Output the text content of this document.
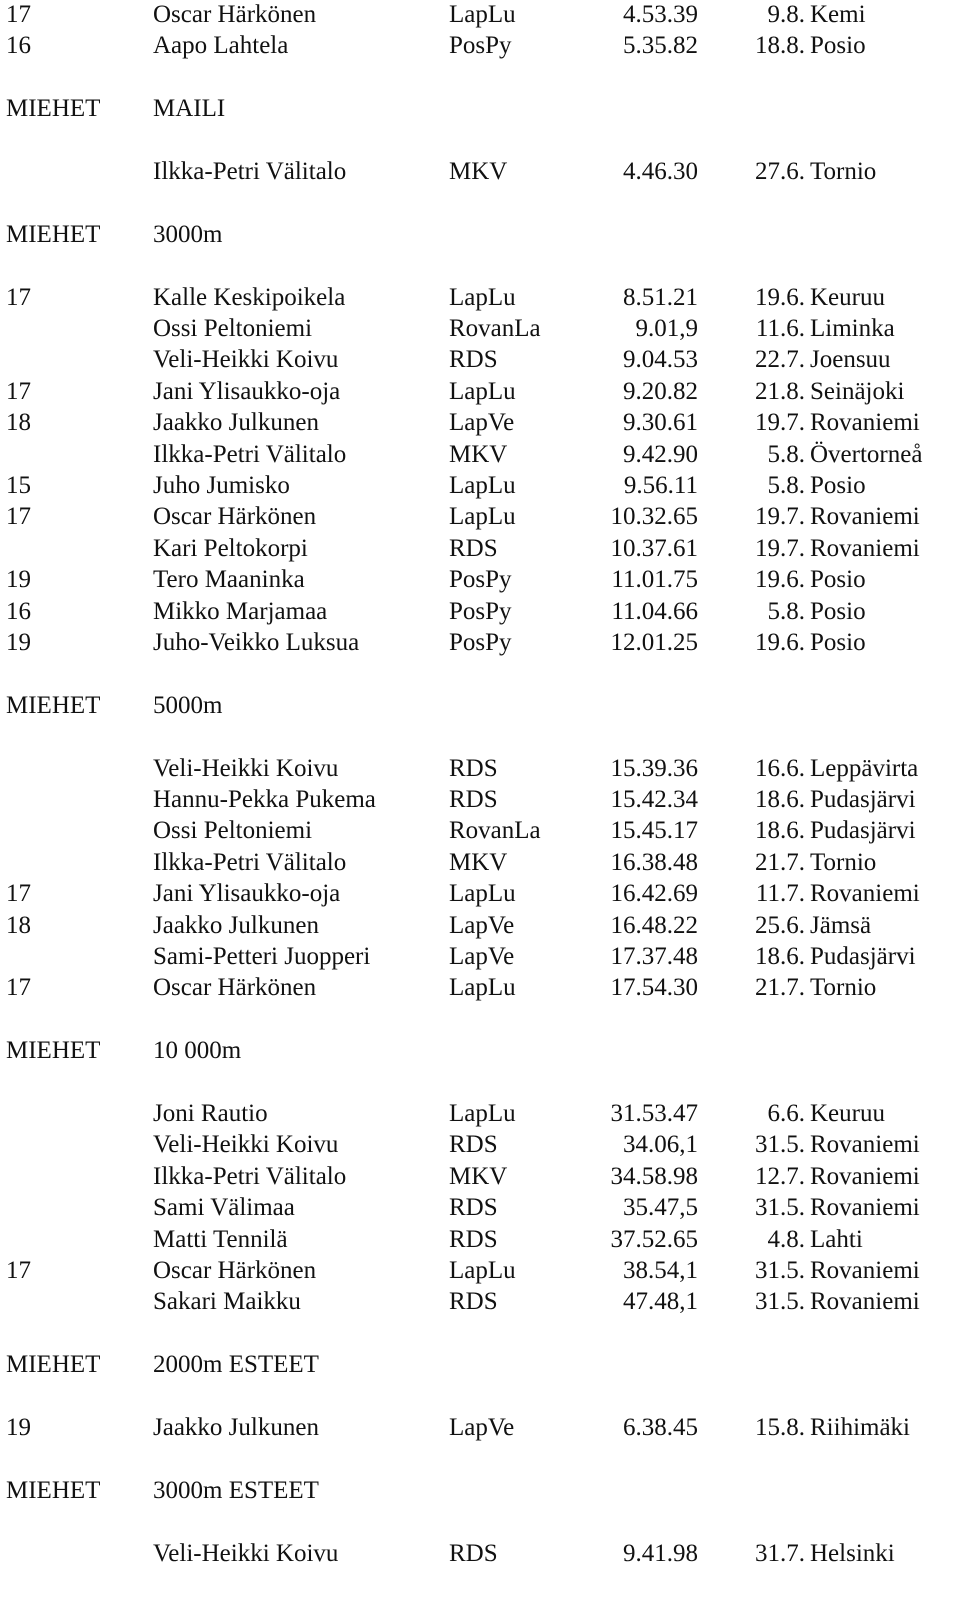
17	Oscar Härkönen	LapLu	4.53.39	9.8. Kemi
16	Aapo Lahtela	PosPy	5.35.82	18.8. Posio
MIEHET MAILI
Ilkka-Petri Välitalo	MKV	4.46.30	27.6. Tornio
MIEHET 3000m
17	Kalle Keskipoikela	LapLu	8.51.21	19.6. Keuruu
Ossi Peltoniemi	RovanLa	9.01,9	11.6. Liminka
Veli-Heikki Koivu	RDS	9.04.53	22.7. Joensuu
17	Jani Ylisaukko-oja	LapLu	9.20.82	21.8. Seinäjoki
18	Jaakko Julkunen	LapVe	9.30.61	19.7. Rovaniemi
Ilkka-Petri Välitalo	MKV	9.42.90	5.8. Övertorneå
15	Juho Jumisko	LapLu	9.56.11	5.8. Posio
17	Oscar Härkönen	LapLu	10.32.65	19.7. Rovaniemi
Kari Peltokorpi	RDS	10.37.61	19.7. Rovaniemi
19	Tero Maaninka	PosPy	11.01.75	19.6. Posio
16	Mikko Marjamaa	PosPy	11.04.66	5.8. Posio
19	Juho-Veikko Luksua	PosPy	12.01.25	19.6. Posio
MIEHET 5000m
Veli-Heikki Koivu	RDS	15.39.36	16.6. Leppävirta
Hannu-Pekka Pukema	RDS	15.42.34	18.6. Pudasjärvi
Ossi Peltoniemi	RovanLa	15.45.17	18.6. Pudasjärvi
Ilkka-Petri Välitalo	MKV	16.38.48	21.7. Tornio
17	Jani Ylisaukko-oja	LapLu	16.42.69	11.7. Rovaniemi
18	Jaakko Julkunen	LapVe	16.48.22	25.6. Jämsä
Sami-Petteri Juopperi	LapVe	17.37.48	18.6. Pudasjärvi
17	Oscar Härkönen	LapLu	17.54.30	21.7. Tornio
MIEHET 10 000m
Joni Rautio	LapLu	31.53.47	6.6. Keuruu
Veli-Heikki Koivu	RDS	34.06,1	31.5. Rovaniemi
Ilkka-Petri Välitalo	MKV	34.58.98	12.7. Rovaniemi
Sami Välimaa	RDS	35.47,5	31.5. Rovaniemi
Matti Tennilä	RDS	37.52.65	4.8. Lahti
17	Oscar Härkönen	LapLu	38.54,1	31.5. Rovaniemi
Sakari Maikku	RDS	47.48,1	31.5. Rovaniemi
MIEHET 2000m ESTEET
19	Jaakko Julkunen	LapVe	6.38.45	15.8. Riihimäki
MIEHET 3000m ESTEET
Veli-Heikki Koivu	RDS	9.41.98	31.7. Helsinki
